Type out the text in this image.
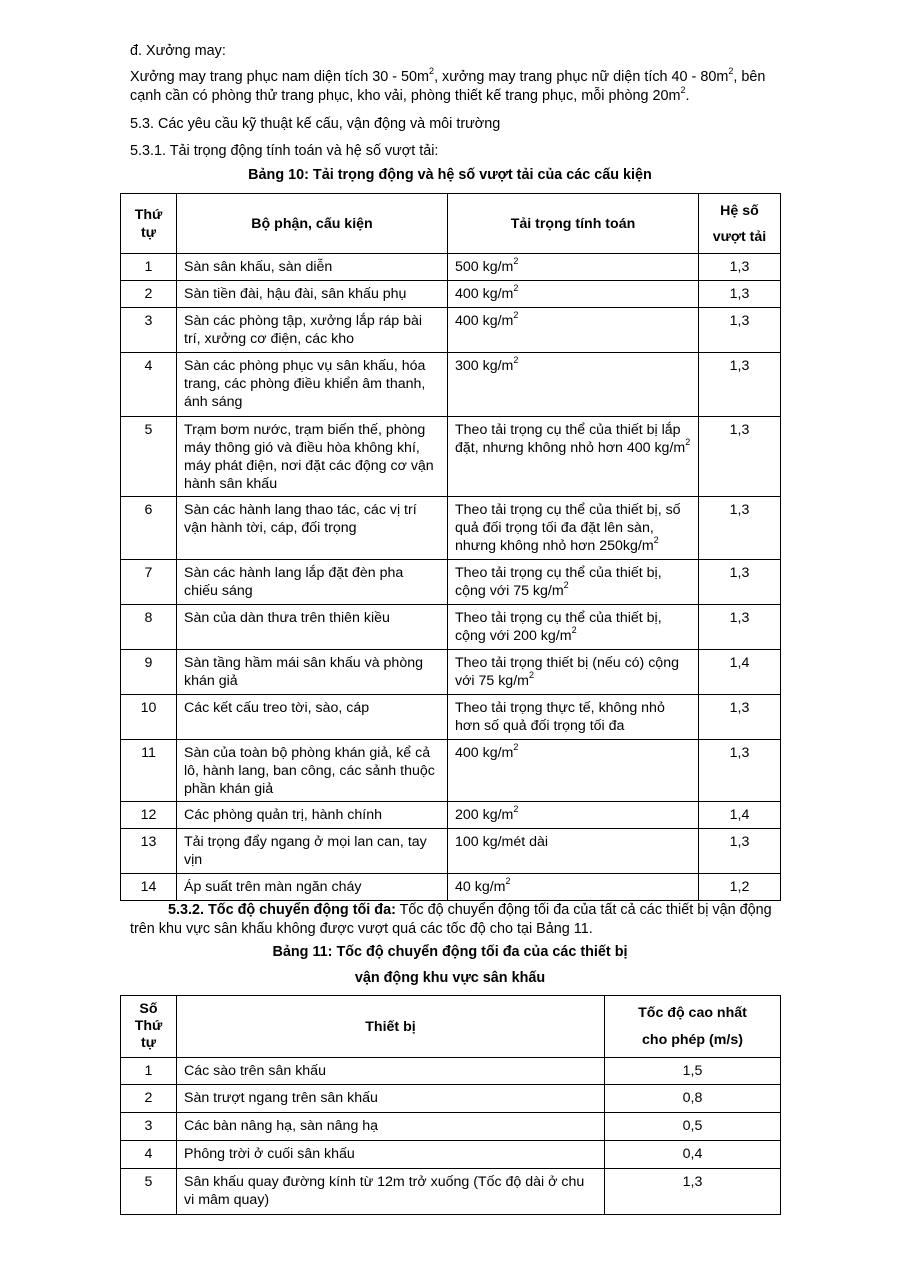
đ. Xưởng may:

Xưởng may trang phục nam diện tích $30 - 50m^2$, xưởng may trang phục nữ diện tích $40 - 80m^2$, bên cạnh cần có phòng thử trang phục, kho vải, phòng thiết kế trang phục, mỗi phòng $20m^2$.

5.3. Các yêu cầu kỹ thuật kế cấu, vận động và môi trường

5.3.1. Tải trọng động tính toán và hệ số vượt tải:

Bảng 10: Tải trọng động và hệ số vượt tải của các cấu kiện

Thứ
tự	Bộ phận, cấu kiện	Tải trọng tính toán	Hệ số
vượt tải
1	Sàn sân khấu, sàn diễn	500 $kg/m^2$	1,3
2	Sàn tiền đài, hậu đài, sân khấu phụ	400 $kg/m^2$	1,3
3	Sàn các phòng tập, xưởng lắp ráp bài trí, xưởng cơ điện, các kho	400 $kg/m^2$	1,3
4	Sàn các phòng phục vụ sân khấu, hóa trang, các phòng điều khiển âm thanh, ánh sáng	300 $kg/m^2$	1,3
5	Trạm bơm nước, trạm biến thế, phòng máy thông gió và điều hòa không khí, máy phát điện, nơi đặt các động cơ vận hành sân khấu	Theo tải trọng cụ thể của thiết bị lắp đặt, nhưng không nhỏ hơn 400 $kg/m^2$	1,3
6	Sàn các hành lang thao tác, các vị trí vận hành tời, cáp, đối trọng	Theo tải trọng cụ thể của thiết bị, số quả đối trọng tối đa đặt lên sàn, nhưng không nhỏ hơn $250kg/m^2$	1,3
7	Sàn các hành lang lắp đặt đèn pha chiếu sáng	Theo tải trọng cụ thể của thiết bị, cộng với 75 $kg/m^2$	1,3
8	Sàn của dàn thưa trên thiên kiều	Theo tải trọng cụ thể của thiết bị, cộng với 200 $kg/m^2$	1,3
9	Sàn tầng hầm mái sân khấu và phòng khán giả	Theo tải trọng thiết bị (nếu có) cộng với 75 $kg/m^2$	1,4
10	Các kết cấu treo tời, sào, cáp	Theo tải trọng thực tế, không nhỏ hơn số quả đối trọng tối đa	1,3
11	Sàn của toàn bộ phòng khán giả, kể cả lô, hành lang, ban công, các sảnh thuộc phần khán giả	400 $kg/m^2$	1,3
12	Các phòng quản trị, hành chính	200 $kg/m^2$	1,4
13	Tải trọng đẩy ngang ở mọi lan can, tay vịn	100 kg/mét dài	1,3
14	Áp suất trên màn ngăn cháy	40 $kg/m^2$	1,2

5.3.2. Tốc độ chuyển động tối đa: Tốc độ chuyển động tối đa của tất cả các thiết bị vận động
trên khu vực sân khấu không được vượt quá các tốc độ cho tại Bảng 11.

Bảng 11: Tốc độ chuyển động tối đa của các thiết bị

vận động khu vực sân khấu

Số
Thứ
tự	Thiết bị	Tốc độ cao nhất
cho phép (m/s)
1	Các sào trên sân khấu	1,5
2	Sàn trượt ngang trên sân khấu	0,8
3	Các bàn nâng hạ, sàn nâng hạ	0,5
4	Phông trời ở cuối sân khấu	0,4
5	Sân khấu quay đường kính từ 12m trở xuống (Tốc độ dài ở chu vi mâm quay)	1,3
